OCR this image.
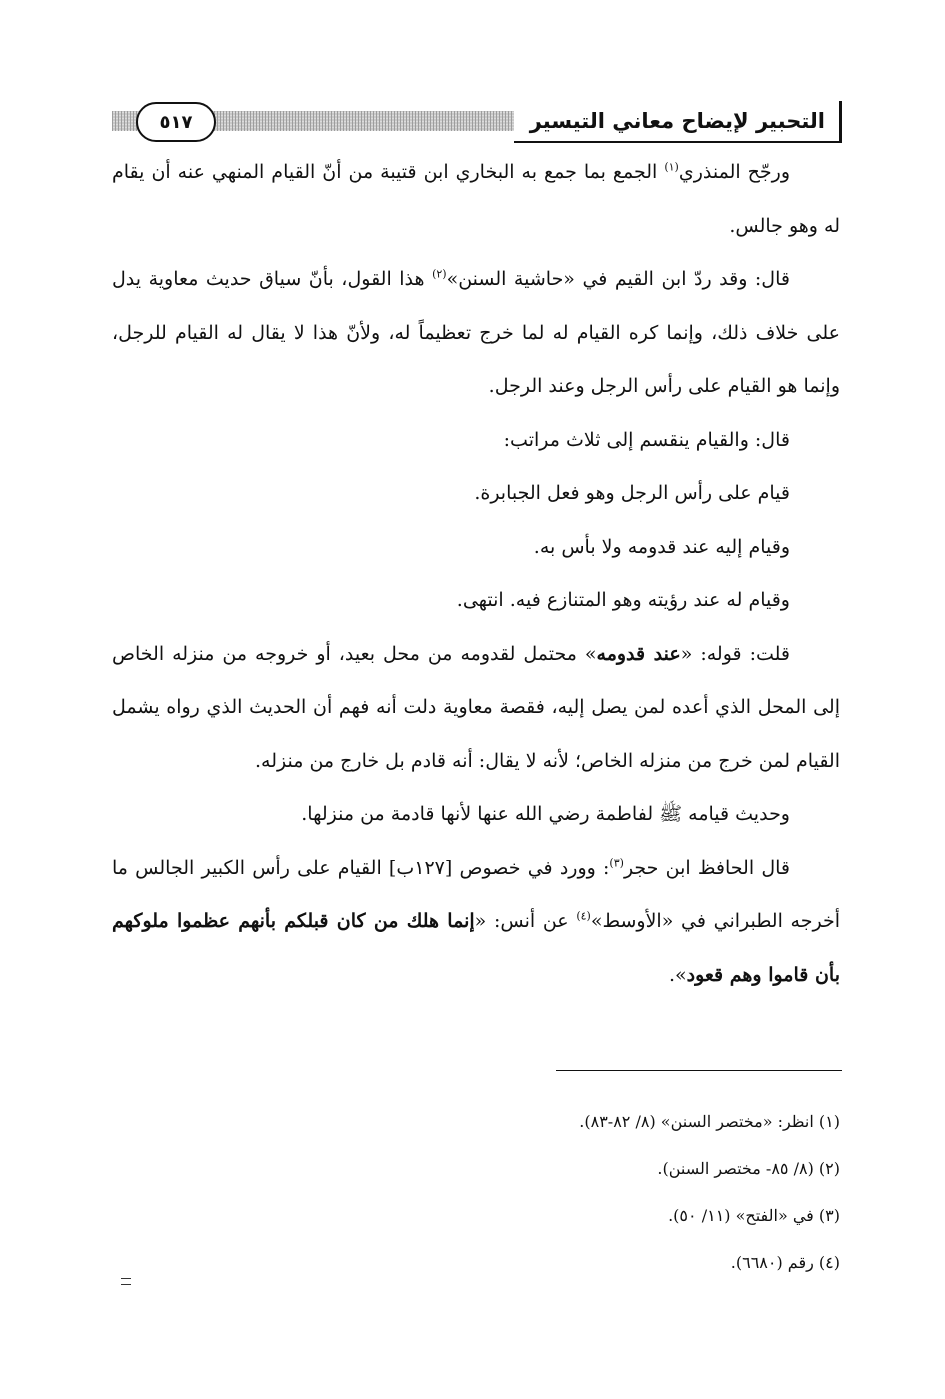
التحبير لإيضاح معاني التيسير
٥١٧

ورجّح المنذري$^{(١)}$ الجمع بما جمع به البخاري ابن قتيبة من أنّ القيام المنهي عنه أن يقام له وهو جالس.

قال: وقد ردّ ابن القيم في «حاشية السنن»$^{(٢)}$ هذا القول، بأنّ سياق حديث معاوية يدل على خلاف ذلك، وإنما كره القيام له لما خرج تعظيماً له، ولأنّ هذا لا يقال له القيام للرجل، وإنما هو القيام على رأس الرجل وعند الرجل.

قال: والقيام ينقسم إلى ثلاث مراتب:

قيام على رأس الرجل وهو فعل الجبابرة.

وقيام إليه عند قدومه ولا بأس به.

وقيام له عند رؤيته وهو المتنازع فيه. انتهى.

قلت: قوله: «عند قدومه» محتمل لقدومه من محل بعيد، أو خروجه من منزله الخاص إلى المحل الذي أعده لمن يصل إليه، فقصة معاوية دلت أنه فهم أن الحديث الذي رواه يشمل القيام لمن خرج من منزله الخاص؛ لأنه لا يقال: أنه قادم بل خارج من منزله.

وحديث قيامه ﷺ لفاطمة رضي الله عنها لأنها قادمة من منزلها.

قال الحافظ ابن حجر$^{(٣)}$: وورد في خصوص [١٢٧ب] القيام على رأس الكبير الجالس ما أخرجه الطبراني في «الأوسط»$^{(٤)}$ عن أنس: «إنما هلك من كان قبلكم بأنهم عظموا ملوكهم بأن قاموا وهم قعود».

(١) انظر: «مختصر السنن» (٨/ ٨٢-٨٣).

(٢) (٨/ ٨٥- مختصر السنن).

(٣) في «الفتح» (١١/ ٥٠).

(٤) رقم (٦٦٨٠).
